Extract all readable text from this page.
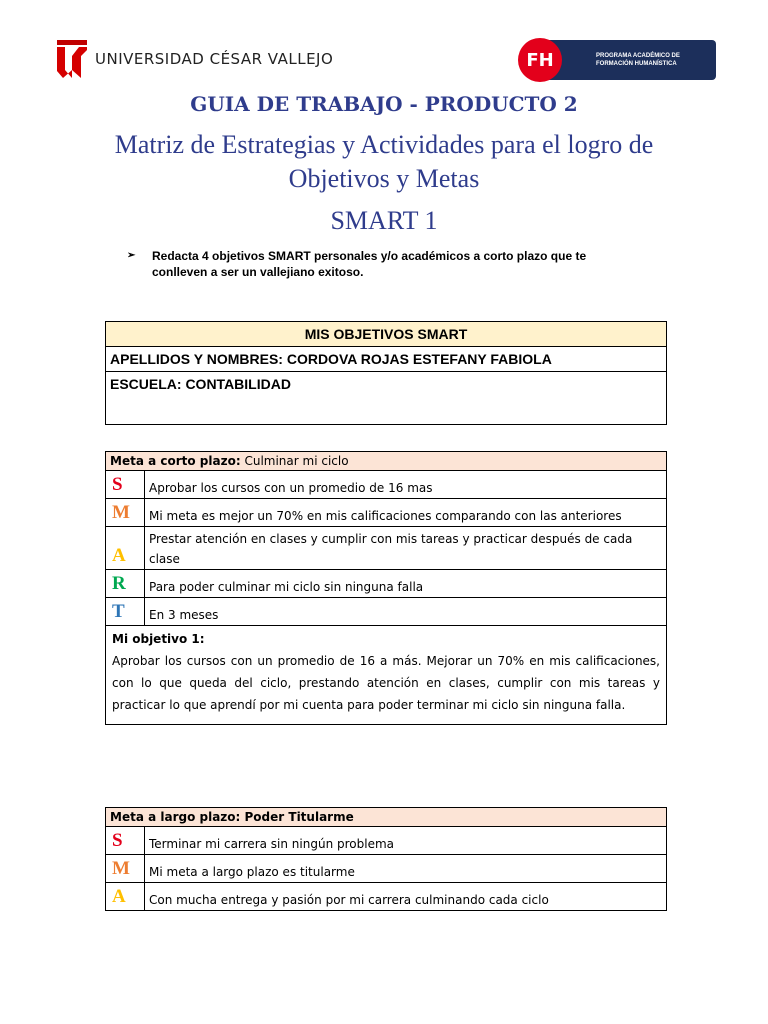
UNIVERSIDAD CÉSAR VALLEJO	FH	PROGRAMA ACADÉMICO DE FORMACIÓN HUMANÍSTICA
GUIA DE TRABAJO - PRODUCTO 2
Matriz de Estrategias y Actividades para el logro de Objetivos y Metas
SMART 1
➢	Redacta 4 objetivos SMART personales y/o académicos a corto plazo que te conlleven a ser un vallejiano exitoso.
MIS OBJETIVOS SMART
APELLIDOS Y NOMBRES: CORDOVA ROJAS ESTEFANY FABIOLA
ESCUELA: CONTABILIDAD
Meta a corto plazo: Culminar mi ciclo	
S	Aprobar los cursos con un promedio de 16 mas
M	Mi meta es mejor un 70% en mis calificaciones comparando con las anteriores
A	Prestar atención en clases y cumplir con mis tareas y practicar después de cada clase
R	Para poder culminar mi ciclo sin ninguna falla
T	En 3 meses

Mi objetivo 1:
Aprobar los cursos con un promedio de 16 a más. Mejorar un 70% en mis calificaciones, con lo que queda del ciclo, prestando atención en clases, cumplir con mis tareas y practicar lo que aprendí por mi cuenta para poder terminar mi ciclo sin ninguna falla.	
Meta a largo plazo: Poder Titularme	
S	Terminar mi carrera sin ningún problema
M	Mi meta a largo plazo es titularme
A	Con mucha entrega y pasión por mi carrera culminando cada ciclo
